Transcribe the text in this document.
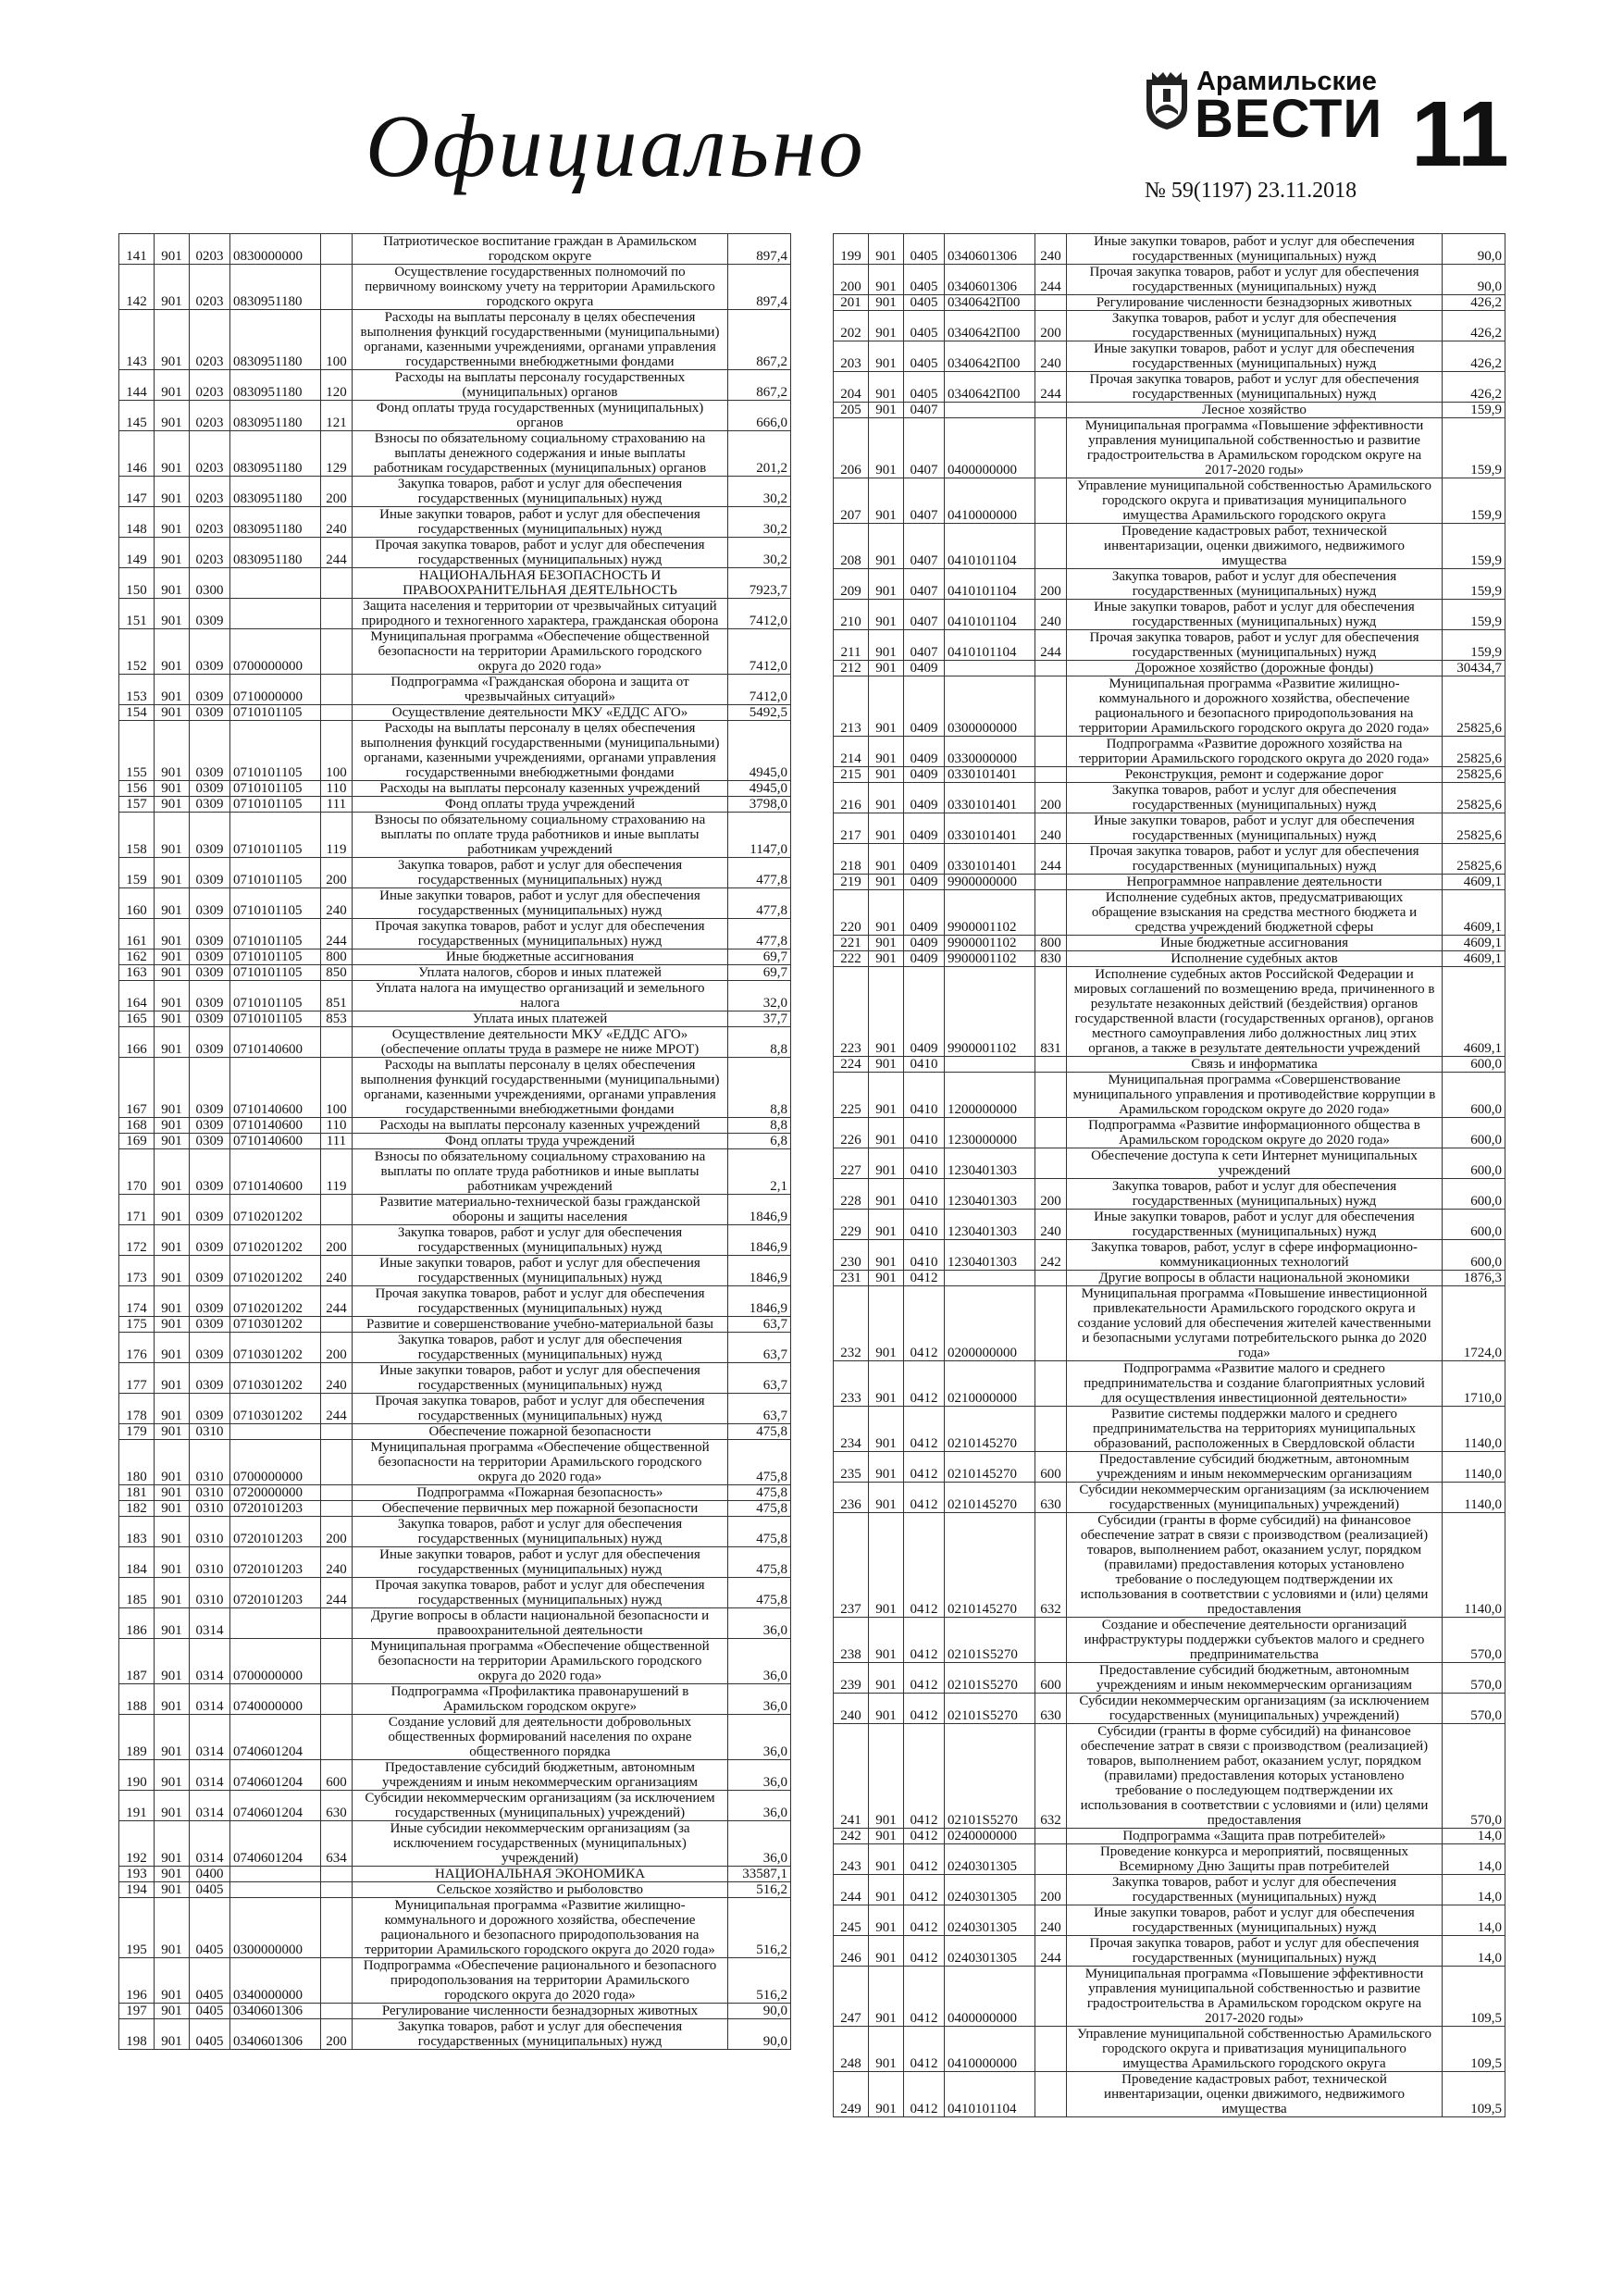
Официально
Арамильские
ВЕСТИ
№ 59(1197) 23.11.2018
11
141	901	0203	0830000000		Патриотическое воспитание граждан в Арамильском городском округе	897,4
142	901	0203	0830951180		Осуществление государственных полномочий по первичному воинскому учету на территории Арамильского городского округа	897,4
143	901	0203	0830951180	100	Расходы на выплаты персоналу в целях обеспечения выполнения функций государственными (муниципальными) органами, казенными учреждениями, органами управления государственными внебюджетными фондами	867,2
144	901	0203	0830951180	120	Расходы на выплаты персоналу государственных (муниципальных) органов	867,2
145	901	0203	0830951180	121	Фонд оплаты труда государственных (муниципальных) органов	666,0
146	901	0203	0830951180	129	Взносы по обязательному социальному страхованию на выплаты денежного содержания и иные выплаты работникам государственных (муниципальных) органов	201,2
147	901	0203	0830951180	200	Закупка товаров, работ и услуг для обеспечения государственных (муниципальных) нужд	30,2
148	901	0203	0830951180	240	Иные закупки товаров, работ и услуг для обеспечения государственных (муниципальных) нужд	30,2
149	901	0203	0830951180	244	Прочая закупка товаров, работ и услуг для обеспечения государственных (муниципальных) нужд	30,2
150	901	0300			НАЦИОНАЛЬНАЯ БЕЗОПАСНОСТЬ И ПРАВООХРАНИТЕЛЬНАЯ ДЕЯТЕЛЬНОСТЬ	7923,7
151	901	0309			Защита населения и территории от чрезвычайных ситуаций природного и техногенного характера, гражданская оборона	7412,0
152	901	0309	0700000000		Муниципальная программа «Обеспечение общественной безопасности на территории Арамильского городского округа до 2020 года»	7412,0
153	901	0309	0710000000		Подпрограмма «Гражданская оборона и защита от чрезвычайных ситуаций»	7412,0
154	901	0309	0710101105		Осуществление деятельности МКУ «ЕДДС АГО»	5492,5
155	901	0309	0710101105	100	Расходы на выплаты персоналу в целях обеспечения выполнения функций государственными (муниципальными) органами, казенными учреждениями, органами управления государственными внебюджетными фондами	4945,0
156	901	0309	0710101105	110	Расходы на выплаты персоналу казенных учреждений	4945,0
157	901	0309	0710101105	111	Фонд оплаты труда учреждений	3798,0
158	901	0309	0710101105	119	Взносы по обязательному социальному страхованию на выплаты по оплате труда работников и иные выплаты работникам учреждений	1147,0
159	901	0309	0710101105	200	Закупка товаров, работ и услуг для обеспечения государственных (муниципальных) нужд	477,8
160	901	0309	0710101105	240	Иные закупки товаров, работ и услуг для обеспечения государственных (муниципальных) нужд	477,8
161	901	0309	0710101105	244	Прочая закупка товаров, работ и услуг для обеспечения государственных (муниципальных) нужд	477,8
162	901	0309	0710101105	800	Иные бюджетные ассигнования	69,7
163	901	0309	0710101105	850	Уплата налогов, сборов и иных платежей	69,7
164	901	0309	0710101105	851	Уплата налога на имущество организаций и земельного налога	32,0
165	901	0309	0710101105	853	Уплата иных платежей	37,7
166	901	0309	0710140600		Осуществление деятельности МКУ «ЕДДС АГО» (обеспечение оплаты труда в размере не ниже МРОТ)	8,8
167	901	0309	0710140600	100	Расходы на выплаты персоналу в целях обеспечения выполнения функций государственными (муниципальными) органами, казенными учреждениями, органами управления государственными внебюджетными фондами	8,8
168	901	0309	0710140600	110	Расходы на выплаты персоналу казенных учреждений	8,8
169	901	0309	0710140600	111	Фонд оплаты труда учреждений	6,8
170	901	0309	0710140600	119	Взносы по обязательному социальному страхованию на выплаты по оплате труда работников и иные выплаты работникам учреждений	2,1
171	901	0309	0710201202		Развитие материально-технической базы гражданской обороны и защиты населения	1846,9
172	901	0309	0710201202	200	Закупка товаров, работ и услуг для обеспечения государственных (муниципальных) нужд	1846,9
173	901	0309	0710201202	240	Иные закупки товаров, работ и услуг для обеспечения государственных (муниципальных) нужд	1846,9
174	901	0309	0710201202	244	Прочая закупка товаров, работ и услуг для обеспечения государственных (муниципальных) нужд	1846,9
175	901	0309	0710301202		Развитие и совершенствование учебно-материальной базы	63,7
176	901	0309	0710301202	200	Закупка товаров, работ и услуг для обеспечения государственных (муниципальных) нужд	63,7
177	901	0309	0710301202	240	Иные закупки товаров, работ и услуг для обеспечения государственных (муниципальных) нужд	63,7
178	901	0309	0710301202	244	Прочая закупка товаров, работ и услуг для обеспечения государственных (муниципальных) нужд	63,7
179	901	0310			Обеспечение пожарной безопасности	475,8
180	901	0310	0700000000		Муниципальная программа «Обеспечение общественной безопасности на территории Арамильского городского округа до 2020 года»	475,8
181	901	0310	0720000000		Подпрограмма «Пожарная безопасность»	475,8
182	901	0310	0720101203		Обеспечение первичных мер пожарной безопасности	475,8
183	901	0310	0720101203	200	Закупка товаров, работ и услуг для обеспечения государственных (муниципальных) нужд	475,8
184	901	0310	0720101203	240	Иные закупки товаров, работ и услуг для обеспечения государственных (муниципальных) нужд	475,8
185	901	0310	0720101203	244	Прочая закупка товаров, работ и услуг для обеспечения государственных (муниципальных) нужд	475,8
186	901	0314			Другие вопросы в области национальной безопасности и правоохранительной деятельности	36,0
187	901	0314	0700000000		Муниципальная программа «Обеспечение общественной безопасности на территории Арамильского городского округа до 2020 года»	36,0
188	901	0314	0740000000		Подпрограмма «Профилактика правонарушений в Арамильском городском округе»	36,0
189	901	0314	0740601204		Создание условий для деятельности добровольных общественных формирований населения по охране общественного порядка	36,0
190	901	0314	0740601204	600	Предоставление субсидий бюджетным, автономным учреждениям и иным некоммерческим организациям	36,0
191	901	0314	0740601204	630	Субсидии некоммерческим организациям (за исключением государственных (муниципальных) учреждений)	36,0
192	901	0314	0740601204	634	Иные субсидии некоммерческим организациям (за исключением государственных (муниципальных) учреждений)	36,0
193	901	0400			НАЦИОНАЛЬНАЯ ЭКОНОМИКА	33587,1
194	901	0405			Сельское хозяйство и рыболовство	516,2
195	901	0405	0300000000		Муниципальная программа «Развитие жилищно-коммунального и дорожного хозяйства, обеспечение рационального и безопасного природопользования на территории Арамильского городского округа до 2020 года»	516,2
196	901	0405	0340000000		Подпрограмма «Обеспечение рационального и безопасного природопользования на территории Арамильского городского округа до 2020 года»	516,2
197	901	0405	0340601306		Регулирование численности безнадзорных животных	90,0
198	901	0405	0340601306	200	Закупка товаров, работ и услуг для обеспечения государственных (муниципальных) нужд	90,0
199	901	0405	0340601306	240	Иные закупки товаров, работ и услуг для обеспечения государственных (муниципальных) нужд	90,0
200	901	0405	0340601306	244	Прочая закупка товаров, работ и услуг для обеспечения государственных (муниципальных) нужд	90,0
201	901	0405	0340642П00		Регулирование численности безнадзорных животных	426,2
202	901	0405	0340642П00	200	Закупка товаров, работ и услуг для обеспечения государственных (муниципальных) нужд	426,2
203	901	0405	0340642П00	240	Иные закупки товаров, работ и услуг для обеспечения государственных (муниципальных) нужд	426,2
204	901	0405	0340642П00	244	Прочая закупка товаров, работ и услуг для обеспечения государственных (муниципальных) нужд	426,2
205	901	0407			Лесное хозяйство	159,9
206	901	0407	0400000000		Муниципальная программа «Повышение эффективности управления муниципальной собственностью и развитие градостроительства в Арамильском городском округе на 2017-2020 годы»	159,9
207	901	0407	0410000000		Управление муниципальной собственностью Арамильского городского округа и приватизация муниципального имущества Арамильского городского округа	159,9
208	901	0407	0410101104		Проведение кадастровых работ, технической инвентаризации, оценки движимого, недвижимого имущества	159,9
209	901	0407	0410101104	200	Закупка товаров, работ и услуг для обеспечения государственных (муниципальных) нужд	159,9
210	901	0407	0410101104	240	Иные закупки товаров, работ и услуг для обеспечения государственных (муниципальных) нужд	159,9
211	901	0407	0410101104	244	Прочая закупка товаров, работ и услуг для обеспечения государственных (муниципальных) нужд	159,9
212	901	0409			Дорожное хозяйство (дорожные фонды)	30434,7
213	901	0409	0300000000		Муниципальная программа «Развитие жилищно-коммунального и дорожного хозяйства, обеспечение рационального и безопасного природопользования на территории Арамильского городского округа до 2020 года»	25825,6
214	901	0409	0330000000		Подпрограмма «Развитие дорожного хозяйства на территории Арамильского городского округа до 2020 года»	25825,6
215	901	0409	0330101401		Реконструкция, ремонт и содержание дорог	25825,6
216	901	0409	0330101401	200	Закупка товаров, работ и услуг для обеспечения государственных (муниципальных) нужд	25825,6
217	901	0409	0330101401	240	Иные закупки товаров, работ и услуг для обеспечения государственных (муниципальных) нужд	25825,6
218	901	0409	0330101401	244	Прочая закупка товаров, работ и услуг для обеспечения государственных (муниципальных) нужд	25825,6
219	901	0409	9900000000		Непрограммное направление деятельности	4609,1
220	901	0409	9900001102		Исполнение судебных актов, предусматривающих обращение взыскания на средства местного бюджета и средства учреждений бюджетной сферы	4609,1
221	901	0409	9900001102	800	Иные бюджетные ассигнования	4609,1
222	901	0409	9900001102	830	Исполнение судебных актов	4609,1
223	901	0409	9900001102	831	Исполнение судебных актов Российской Федерации и мировых соглашений по возмещению вреда, причиненного в результате незаконных действий (бездействия) органов государственной власти (государственных органов), органов местного самоуправления либо должностных лиц этих органов, а также в результате деятельности учреждений	4609,1
224	901	0410			Связь и информатика	600,0
225	901	0410	1200000000		Муниципальная программа «Совершенствование муниципального управления и противодействие коррупции в Арамильском городском округе до 2020 года»	600,0
226	901	0410	1230000000		Подпрограмма «Развитие информационного общества в Арамильском городском округе до 2020 года»	600,0
227	901	0410	1230401303		Обеспечение доступа к сети Интернет муниципальных учреждений	600,0
228	901	0410	1230401303	200	Закупка товаров, работ и услуг для обеспечения государственных (муниципальных) нужд	600,0
229	901	0410	1230401303	240	Иные закупки товаров, работ и услуг для обеспечения государственных (муниципальных) нужд	600,0
230	901	0410	1230401303	242	Закупка товаров, работ, услуг в сфере информационно-коммуникационных технологий	600,0
231	901	0412			Другие вопросы в области национальной экономики	1876,3
232	901	0412	0200000000		Муниципальная программа «Повышение инвестиционной привлекательности Арамильского городского округа и создание условий для обеспечения жителей качественными и безопасными услугами потребительского рынка до 2020 года»	1724,0
233	901	0412	0210000000		Подпрограмма «Развитие малого и среднего предпринимательства и создание благоприятных условий для осуществления инвестиционной деятельности»	1710,0
234	901	0412	0210145270		Развитие системы поддержки малого и среднего предпринимательства на территориях муниципальных образований, расположенных в Свердловской области	1140,0
235	901	0412	0210145270	600	Предоставление субсидий бюджетным, автономным учреждениям и иным некоммерческим организациям	1140,0
236	901	0412	0210145270	630	Субсидии некоммерческим организациям (за исключением государственных (муниципальных) учреждений)	1140,0
237	901	0412	0210145270	632	Субсидии (гранты в форме субсидий) на финансовое обеспечение затрат в связи с производством (реализацией) товаров, выполнением работ, оказанием услуг, порядком (правилами) предоставления которых установлено требование о последующем подтверждении их использования в соответствии с условиями и (или) целями предоставления	1140,0
238	901	0412	02101S5270		Создание и обеспечение деятельности организаций инфраструктуры поддержки субъектов малого и среднего предпринимательства	570,0
239	901	0412	02101S5270	600	Предоставление субсидий бюджетным, автономным учреждениям и иным некоммерческим организациям	570,0
240	901	0412	02101S5270	630	Субсидии некоммерческим организациям (за исключением государственных (муниципальных) учреждений)	570,0
241	901	0412	02101S5270	632	Субсидии (гранты в форме субсидий) на финансовое обеспечение затрат в связи с производством (реализацией) товаров, выполнением работ, оказанием услуг, порядком (правилами) предоставления которых установлено требование о последующем подтверждении их использования в соответствии с условиями и (или) целями предоставления	570,0
242	901	0412	0240000000		Подпрограмма «Защита прав потребителей»	14,0
243	901	0412	0240301305		Проведение конкурса и мероприятий, посвященных Всемирному Дню Защиты прав потребителей	14,0
244	901	0412	0240301305	200	Закупка товаров, работ и услуг для обеспечения государственных (муниципальных) нужд	14,0
245	901	0412	0240301305	240	Иные закупки товаров, работ и услуг для обеспечения государственных (муниципальных) нужд	14,0
246	901	0412	0240301305	244	Прочая закупка товаров, работ и услуг для обеспечения государственных (муниципальных) нужд	14,0
247	901	0412	0400000000		Муниципальная программа «Повышение эффективности управления муниципальной собственностью и развитие градостроительства в Арамильском городском округе на 2017-2020 годы»	109,5
248	901	0412	0410000000		Управление муниципальной собственностью Арамильского городского округа и приватизация муниципального имущества Арамильского городского округа	109,5
249	901	0412	0410101104		Проведение кадастровых работ, технической инвентаризации, оценки движимого, недвижимого имущества	109,5
